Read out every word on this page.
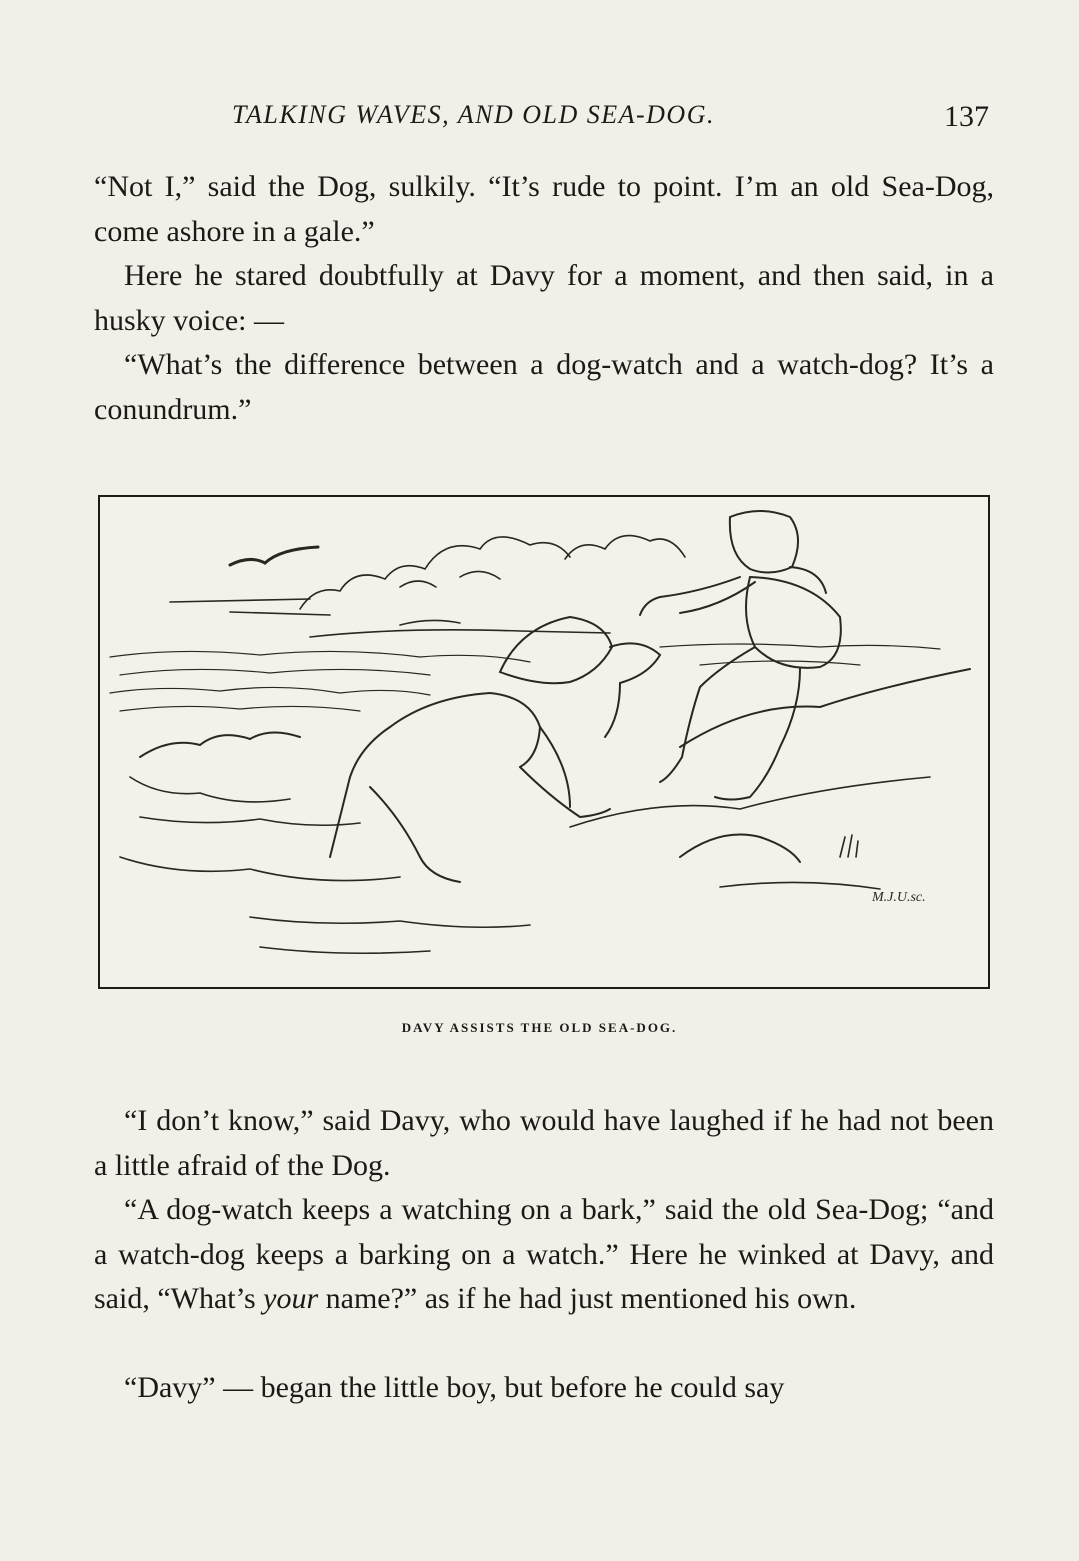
TALKING WAVES, AND OLD SEA-DOG.	137

“Not I,” said the Dog, sulkily. “It’s rude to point. I’m an old Sea-Dog, come ashore in a gale.”

Here he stared doubtfully at Davy for a moment, and then said, in a husky voice: —

“What’s the difference between a dog-watch and a watch-dog? It’s a conundrum.”

M.J.U.sc.
DAVY ASSISTS THE OLD SEA-DOG.

“I don’t know,” said Davy, who would have laughed if he had not been a little afraid of the Dog.

“A dog-watch keeps a watching on a bark,” said the old Sea-Dog; “and a watch-dog keeps a barking on a watch.” Here he winked at Davy, and said, “What’s your name?” as if he had just mentioned his own.

“Davy” — began the little boy, but before he could say
